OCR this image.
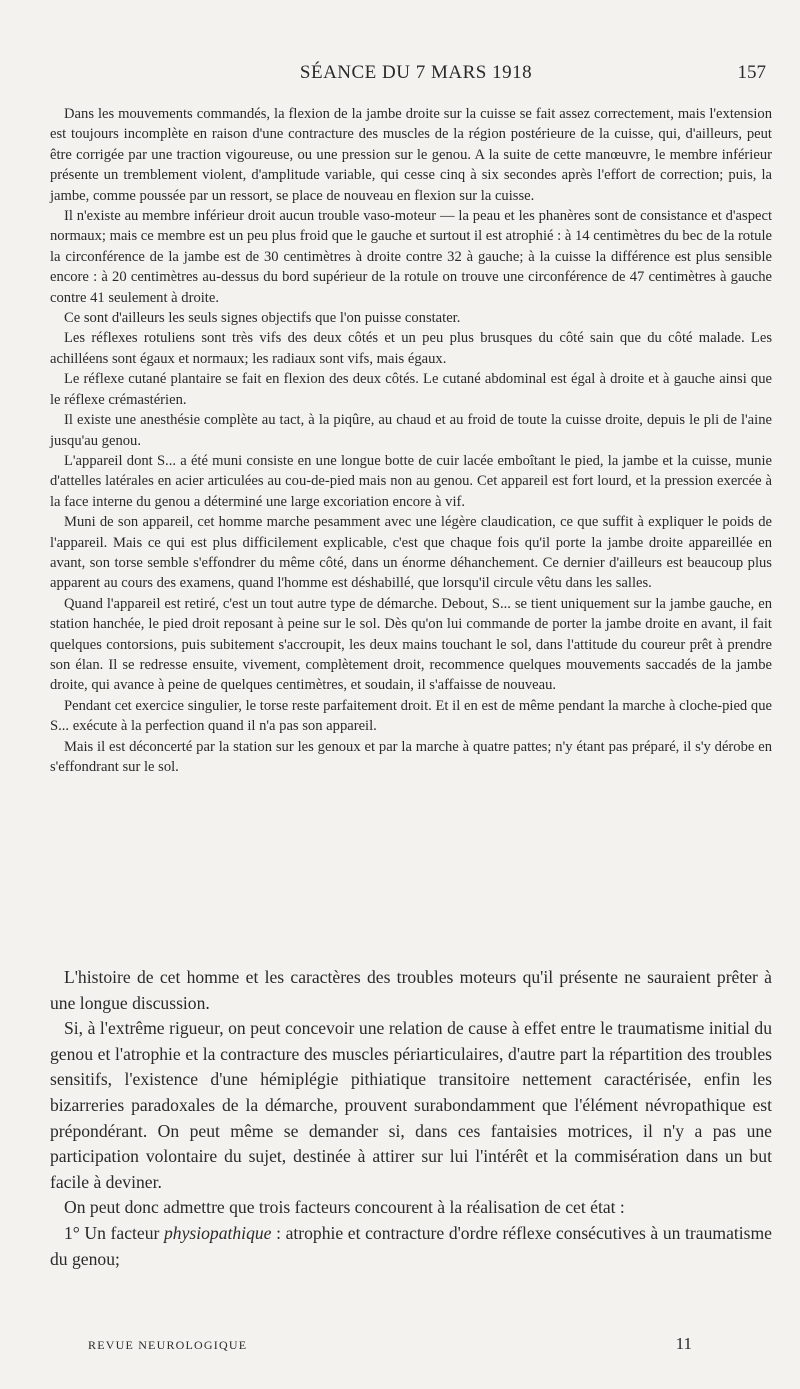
SÉANCE DU 7 MARS 1918	157

Dans les mouvements commandés, la flexion de la jambe droite sur la cuisse se fait assez correctement, mais l'extension est toujours incomplète en raison d'une contracture des muscles de la région postérieure de la cuisse, qui, d'ailleurs, peut être corrigée par une traction vigoureuse, ou une pression sur le genou. A la suite de cette manœuvre, le membre inférieur présente un tremblement violent, d'amplitude variable, qui cesse cinq à six secondes après l'effort de correction; puis, la jambe, comme poussée par un ressort, se place de nouveau en flexion sur la cuisse.

Il n'existe au membre inférieur droit aucun trouble vaso-moteur — la peau et les phanères sont de consistance et d'aspect normaux; mais ce membre est un peu plus froid que le gauche et surtout il est atrophié : à 14 centimètres du bec de la rotule la circonférence de la jambe est de 30 centimètres à droite contre 32 à gauche; à la cuisse la différence est plus sensible encore : à 20 centimètres au-dessus du bord supérieur de la rotule on trouve une circonférence de 47 centimètres à gauche contre 41 seulement à droite.

Ce sont d'ailleurs les seuls signes objectifs que l'on puisse constater.

Les réflexes rotuliens sont très vifs des deux côtés et un peu plus brusques du côté sain que du côté malade. Les achilléens sont égaux et normaux; les radiaux sont vifs, mais égaux.

Le réflexe cutané plantaire se fait en flexion des deux côtés. Le cutané abdominal est égal à droite et à gauche ainsi que le réflexe crémastérien.

Il existe une anesthésie complète au tact, à la piqûre, au chaud et au froid de toute la cuisse droite, depuis le pli de l'aine jusqu'au genou.

L'appareil dont S... a été muni consiste en une longue botte de cuir lacée emboîtant le pied, la jambe et la cuisse, munie d'attelles latérales en acier articulées au cou-de-pied mais non au genou. Cet appareil est fort lourd, et la pression exercée à la face interne du genou a déterminé une large excoriation encore à vif.

Muni de son appareil, cet homme marche pesamment avec une légère claudication, ce que suffit à expliquer le poids de l'appareil. Mais ce qui est plus difficilement explicable, c'est que chaque fois qu'il porte la jambe droite appareillée en avant, son torse semble s'effondrer du même côté, dans un énorme déhanchement. Ce dernier d'ailleurs est beaucoup plus apparent au cours des examens, quand l'homme est déshabillé, que lorsqu'il circule vêtu dans les salles.

Quand l'appareil est retiré, c'est un tout autre type de démarche. Debout, S... se tient uniquement sur la jambe gauche, en station hanchée, le pied droit reposant à peine sur le sol. Dès qu'on lui commande de porter la jambe droite en avant, il fait quelques contorsions, puis subitement s'accroupit, les deux mains touchant le sol, dans l'attitude du coureur prêt à prendre son élan. Il se redresse ensuite, vivement, complètement droit, recommence quelques mouvements saccadés de la jambe droite, qui avance à peine de quelques centimètres, et soudain, il s'affaisse de nouveau.

Pendant cet exercice singulier, le torse reste parfaitement droit. Et il en est de même pendant la marche à cloche-pied que S... exécute à la perfection quand il n'a pas son appareil.

Mais il est déconcerté par la station sur les genoux et par la marche à quatre pattes; n'y étant pas préparé, il s'y dérobe en s'effondrant sur le sol.

L'histoire de cet homme et les caractères des troubles moteurs qu'il présente ne sauraient prêter à une longue discussion.

Si, à l'extrême rigueur, on peut concevoir une relation de cause à effet entre le traumatisme initial du genou et l'atrophie et la contracture des muscles périarticulaires, d'autre part la répartition des troubles sensitifs, l'existence d'une hémiplégie pithiatique transitoire nettement caractérisée, enfin les bizarreries paradoxales de la démarche, prouvent surabondamment que l'élément névropathique est prépondérant. On peut même se demander si, dans ces fantaisies motrices, il n'y a pas une participation volontaire du sujet, destinée à attirer sur lui l'intérêt et la commisération dans un but facile à deviner.

On peut donc admettre que trois facteurs concourent à la réalisation de cet état :

1° Un facteur physiopathique : atrophie et contracture d'ordre réflexe consécutives à un traumatisme du genou;

REVUE NEUROLOGIQUE	11
